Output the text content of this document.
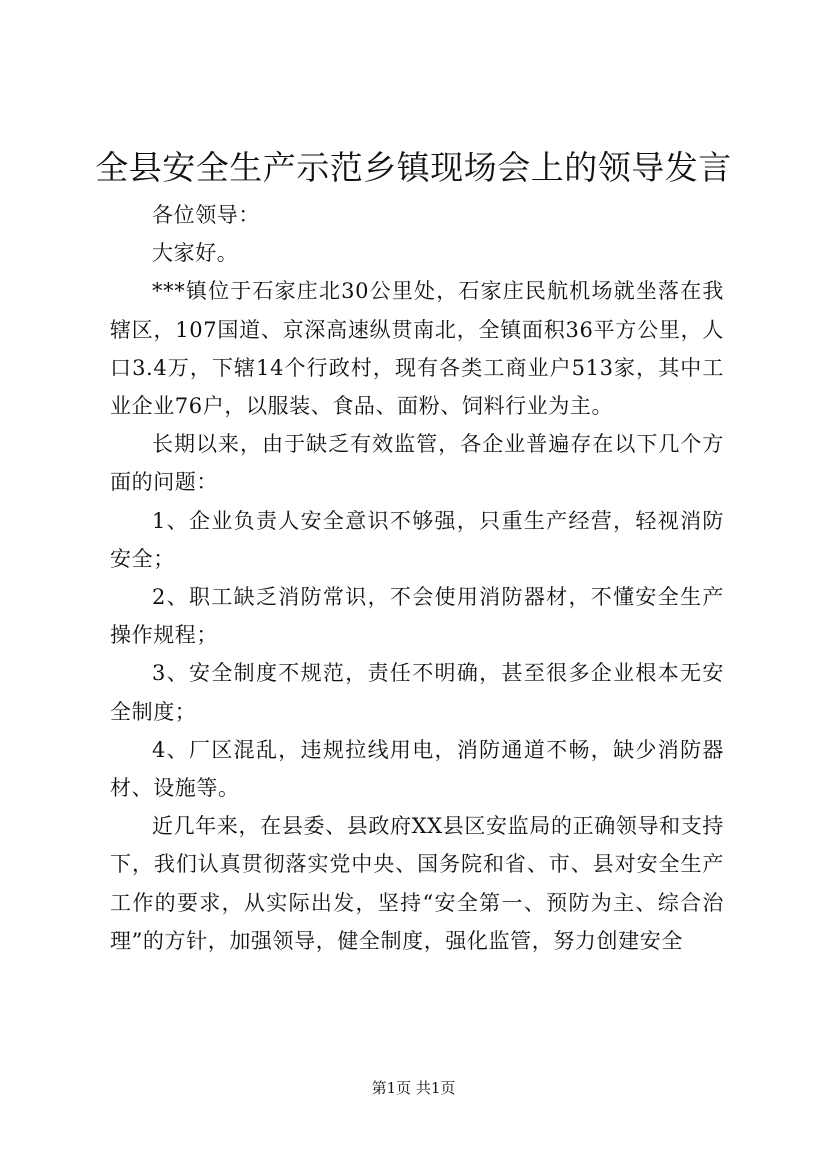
全县安全生产示范乡镇现场会上的领导发言

各位领导：

大家好。

***镇位于石家庄北30公里处，石家庄民航机场就坐落在我辖区，107国道、京深高速纵贯南北，全镇面积36平方公里，人口3.4万，下辖14个行政村，现有各类工商业户513家，其中工业企业76户，以服装、食品、面粉、饲料行业为主。

长期以来，由于缺乏有效监管，各企业普遍存在以下几个方面的问题：

1、企业负责人安全意识不够强，只重生产经营，轻视消防安全；

2、职工缺乏消防常识，不会使用消防器材，不懂安全生产操作规程；

3、安全制度不规范，责任不明确，甚至很多企业根本无安全制度；

4、厂区混乱，违规拉线用电，消防通道不畅，缺少消防器材、设施等。

近几年来，在县委、县政府XX县区安监局的正确领导和支持下，我们认真贯彻落实党中央、国务院和省、市、县对安全生产工作的要求，从实际出发，坚持“安全第一、预防为主、综合治理”的方针，加强领导，健全制度，强化监管，努力创建安全

第1页 共1页
